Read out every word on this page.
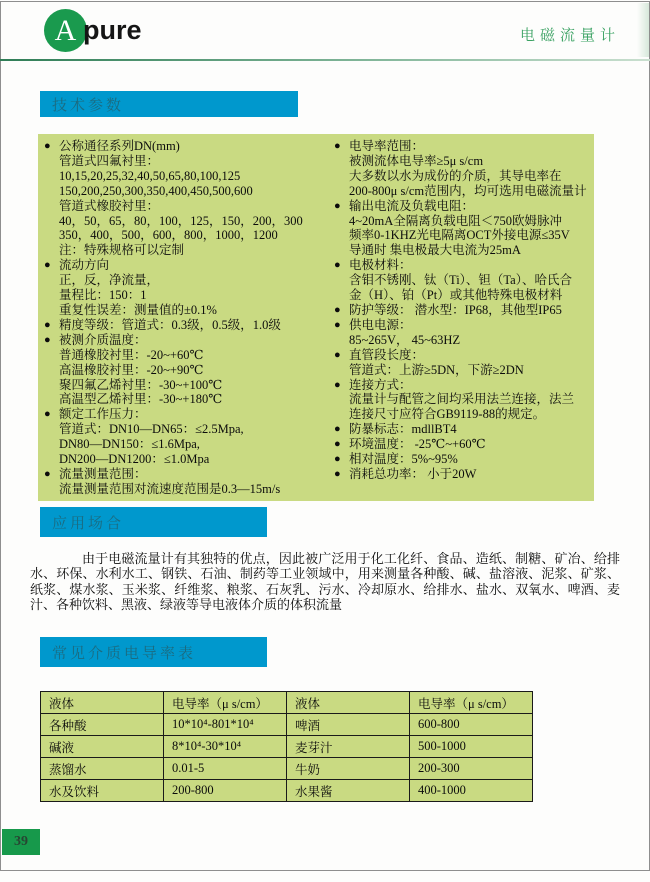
A pure	电磁流量计
技术参数
● 公称通径系列DN(mm)
管道式四氟衬里：
10,15,20,25,32,40,50,65,80,100,125
150,200,250,300,350,400,450,500,600
管道式橡胶衬里：
40，50，65，80，100，125，150，200，300
350，400，500，600，800，1000，1200
注：特殊规格可以定制
● 流动方向
正，反，净流量，
量程比：150：1
重复性误差：测量值的±0.1%
● 精度等级：管道式：0.3级，0.5级，1.0级
● 被测介质温度：
普通橡胶衬里：-20~+60℃
高温橡胶衬里：-20~+90℃
聚四氟乙烯衬里：-30~+100℃
高温型乙烯衬里：-30~+180℃
● 额定工作压力：
管道式：DN10—DN65：≤2.5Mpa,
DN80—DN150：≤1.6Mpa,
DN200—DN1200：≤1.0Mpa
● 流量测量范围：
流量测量范围对流速度范围是0.3—15m/s
● 电导率范围：
被测流体电导率≥5μ s/cm
大多数以水为成份的介质，其导电率在
200-800μ s/cm范围内，均可选用电磁流量计
● 输出电流及负载电阻：
4~20mA全隔离负载电阻＜750欧姆脉冲
频率0-1KHZ光电隔离OCT外接电源≤35V
导通时 集电极最大电流为25mA
● 电极材料：
含钼不锈刚、钛（Ti）、钽（Ta）、哈氏合
金（H）、铂（Pt）或其他特殊电极材料
● 防护等级： 潜水型：IP68，其他型IP65
● 供电电源：
85~265V， 45~63HZ
● 直管段长度：
管道式：上游≥5DN，下游≥2DN
● 连接方式：
流量计与配管之间均采用法兰连接，法兰
连接尺寸应符合GB9119-88的规定。
● 防暴标志：mdllBT4
● 环境温度： -25℃~+60℃
● 相对温度：5%~95%
● 消耗总功率： 小于20W
应用场合

由于电磁流量计有其独特的优点，因此被广泛用于化工化纤、食品、造纸、制糖、矿冶、给排水、环保、水利水工、钢铁、石油、制药等工业领域中，用来测量各种酸、碱、盐溶液、泥浆、矿浆、纸浆、煤水浆、玉米浆、纤维浆、粮浆、石灰乳、污水、冷却原水、给排水、盐水、双氧水、啤酒、麦汁、各种饮料、黑液、绿液等导电液体介质的体积流量

常见介质电导率表
液体	电导率（μ s/cm）	液体	电导率（μ s/cm）
各种酸	10*10⁴-801*10⁴	啤酒	600-800
碱液	8*10⁴-30*10⁴	麦芽汁	500-1000
蒸馏水	0.01-5	牛奶	200-300
水及饮料	200-800	水果酱	400-1000
39
